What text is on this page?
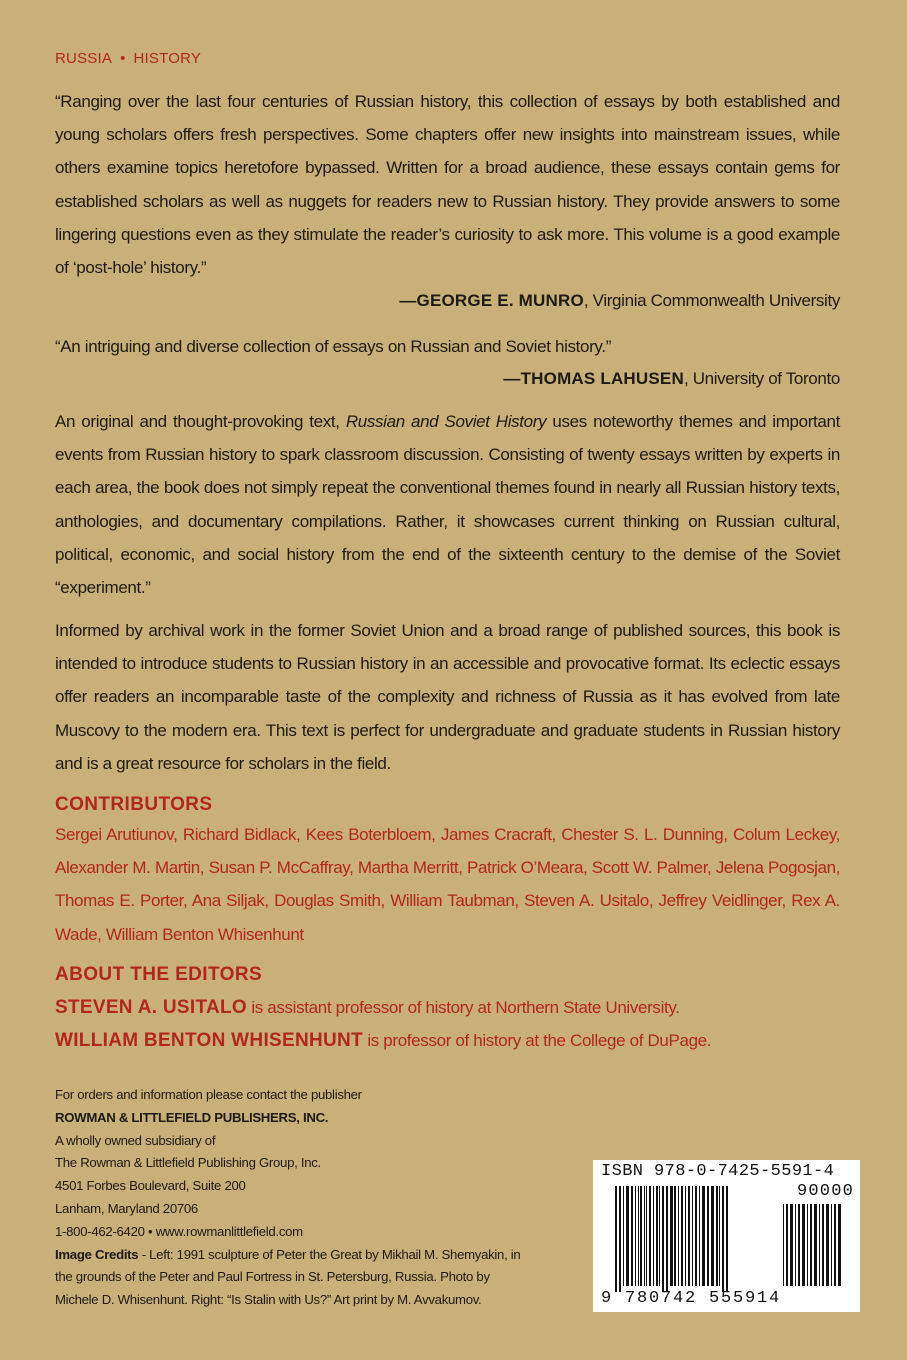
RUSSIA • HISTORY
“Ranging over the last four centuries of Russian history, this collection of essays by both established and young scholars offers fresh perspectives. Some chapters offer new insights into mainstream issues, while others examine topics heretofore bypassed. Written for a broad audience, these essays contain gems for established scholars as well as nuggets for readers new to Russian history. They provide answers to some lingering questions even as they stimulate the reader’s curiosity to ask more. This volume is a good example of ‘post-hole’ history.”
—GEORGE E. MUNRO, Virginia Commonwealth University
“An intriguing and diverse collection of essays on Russian and Soviet history.”
—THOMAS LAHUSEN, University of Toronto
An original and thought-provoking text, Russian and Soviet History uses noteworthy themes and important events from Russian history to spark classroom discussion. Consisting of twenty essays written by experts in each area, the book does not simply repeat the conventional themes found in nearly all Russian history texts, anthologies, and documentary compilations. Rather, it showcases current thinking on Russian cultural, political, economic, and social history from the end of the sixteenth century to the demise of the Soviet “experiment.”
Informed by archival work in the former Soviet Union and a broad range of published sources, this book is intended to introduce students to Russian history in an accessible and provocative format. Its eclectic essays offer readers an incomparable taste of the complexity and richness of Russia as it has evolved from late Muscovy to the modern era. This text is perfect for undergraduate and graduate students in Russian history and is a great resource for scholars in the field.
CONTRIBUTORS
Sergei Arutiunov, Richard Bidlack, Kees Boterbloem, James Cracraft, Chester S. L. Dunning, Colum Leckey, Alexander M. Martin, Susan P. McCaffray, Martha Merritt, Patrick O’Meara, Scott W. Palmer, Jelena Pogosjan, Thomas E. Porter, Ana Siljak, Douglas Smith, William Taubman, Steven A. Usitalo, Jeffrey Veidlinger, Rex A. Wade, William Benton Whisenhunt
ABOUT THE EDITORS
STEVEN A. USITALO is assistant professor of history at Northern State University.
WILLIAM BENTON WHISENHUNT is professor of history at the College of DuPage.
For orders and information please contact the publisher
ROWMAN & LITTLEFIELD PUBLISHERS, INC.
A wholly owned subsidiary of
The Rowman & Littlefield Publishing Group, Inc.
4501 Forbes Boulevard, Suite 200
Lanham, Maryland 20706
1-800-462-6420 • www.rowmanlittlefield.com
Image Credits - Left: 1991 sculpture of Peter the Great by Mikhail M. Shemyakin, in the grounds of the Peter and Paul Fortress in St. Petersburg, Russia. Photo by Michele D. Whisenhunt. Right: “Is Stalin with Us?” Art print by M. Avvakumov.
ISBN 978-0-7425-5591-4
90000
9 780742 555914
